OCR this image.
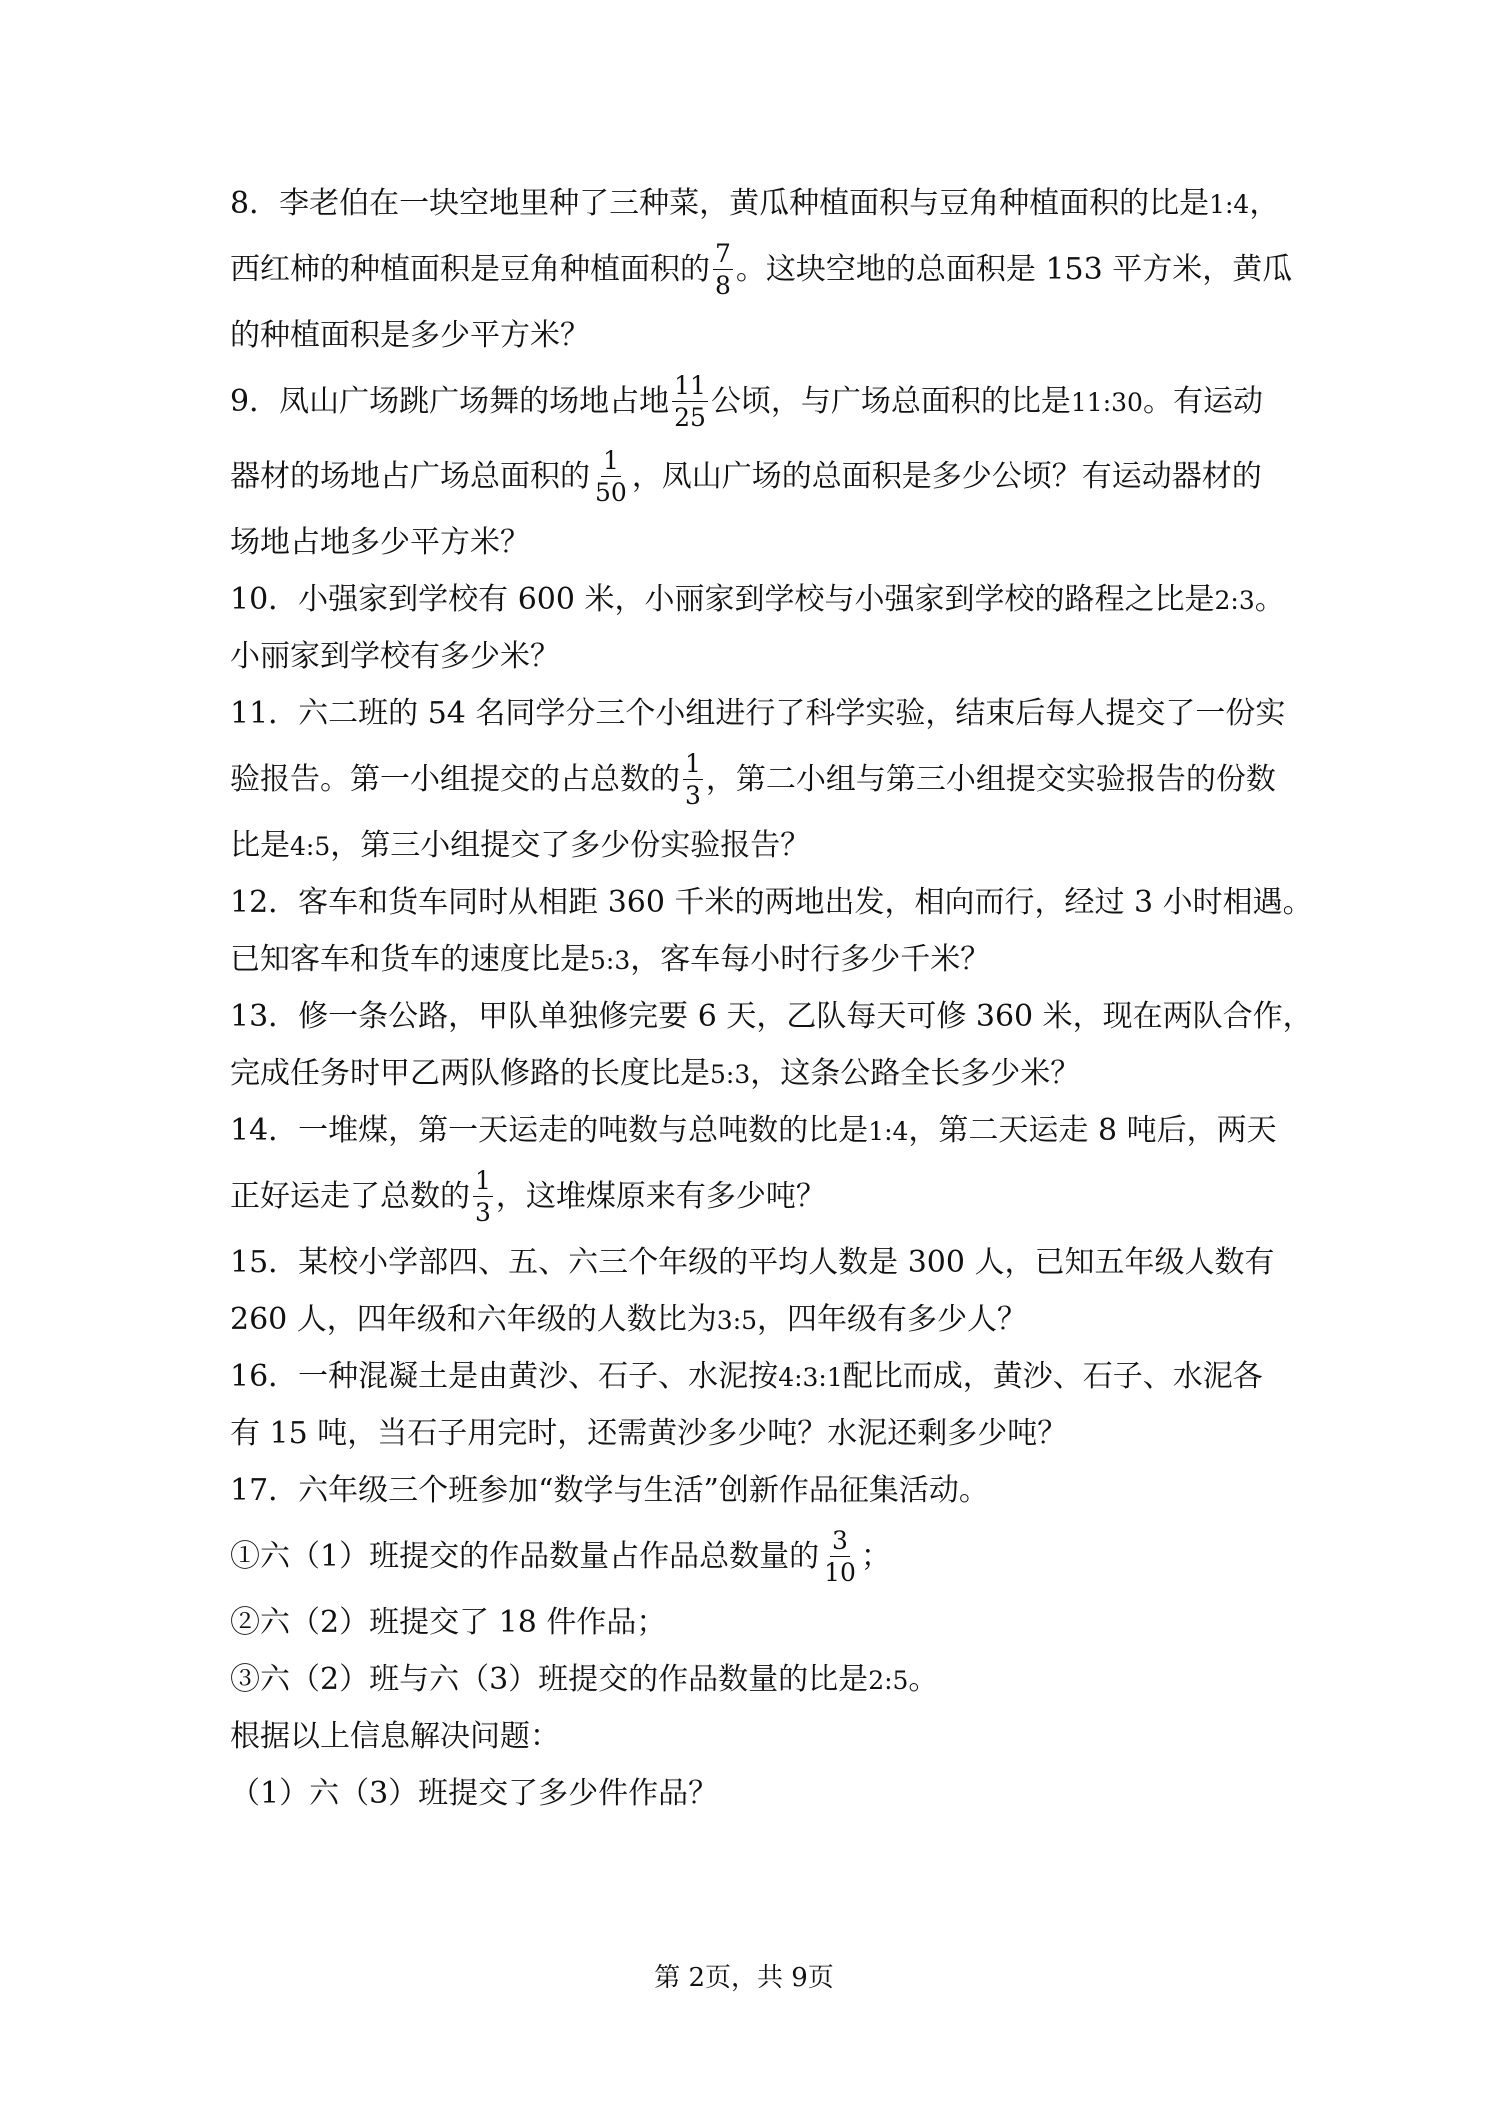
8．李老伯在一块空地里种了三种菜，黄瓜种植面积与豆角种植面积的比是1:4，
西红柿的种植面积是豆角种植面积的 $\frac{7}{8}$ 。这块空地的总面积是 153 平方米，黄瓜
的种植面积是多少平方米？
9．凤山广场跳广场舞的场地占地 $\frac{11}{25}$ 公顷，与广场总面积的比是11:30。有运动
器材的场地占广场总面积的 $\frac{1}{50}$ ，凤山广场的总面积是多少公顷？有运动器材的
场地占地多少平方米？
10．小强家到学校有 600 米，小丽家到学校与小强家到学校的路程之比是2:3。
小丽家到学校有多少米？
11．六二班的 54 名同学分三个小组进行了科学实验，结束后每人提交了一份实
验报告。第一小组提交的占总数的 $\frac{1}{3}$ ，第二小组与第三小组提交实验报告的份数
比是4:5，第三小组提交了多少份实验报告？
12．客车和货车同时从相距 360 千米的两地出发，相向而行，经过 3 小时相遇。
已知客车和货车的速度比是5:3，客车每小时行多少千米？
13．修一条公路，甲队单独修完要 6 天，乙队每天可修 360 米，现在两队合作，
完成任务时甲乙两队修路的长度比是5:3，这条公路全长多少米？
14．一堆煤，第一天运走的吨数与总吨数的比是1:4，第二天运走 8 吨后，两天
正好运走了总数的 $\frac{1}{3}$ ，这堆煤原来有多少吨？
15．某校小学部四、五、六三个年级的平均人数是 300 人，已知五年级人数有
260 人，四年级和六年级的人数比为3:5，四年级有多少人？
16．一种混凝土是由黄沙、石子、水泥按4:3:1配比而成，黄沙、石子、水泥各
有 15 吨，当石子用完时，还需黄沙多少吨？水泥还剩多少吨？
17．六年级三个班参加“数学与生活”创新作品征集活动。
①六（1）班提交的作品数量占作品总数量的 $\frac{3}{10}$ ；
②六（2）班提交了 18 件作品；
③六（2）班与六（3）班提交的作品数量的比是2:5。
根据以上信息解决问题：
（1）六（3）班提交了多少件作品？
第 2页，共 9页
